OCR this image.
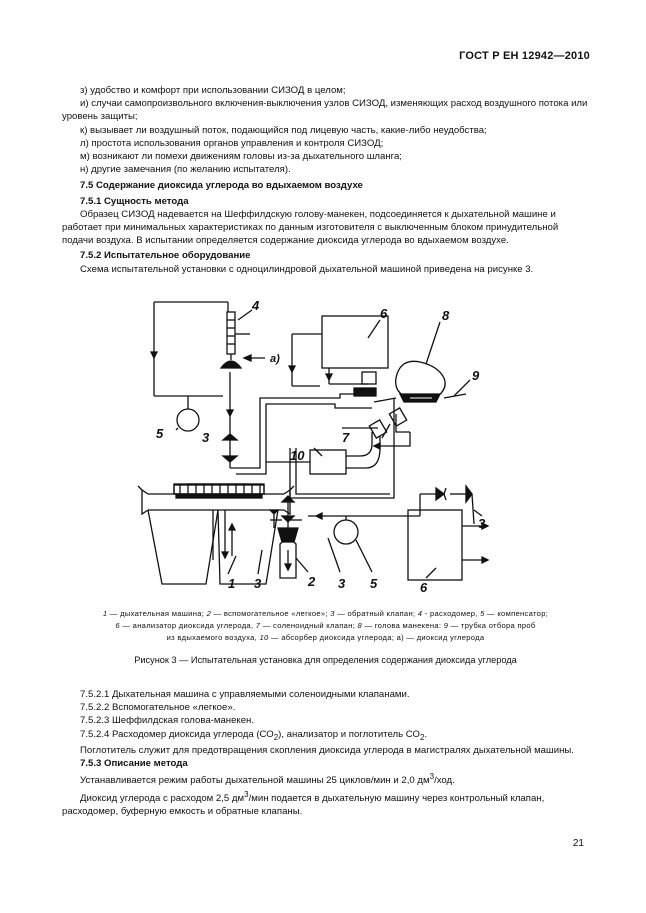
ГОСТ Р ЕН 12942—2010

з) удобство и комфорт при использовании СИЗОД в целом;

и) случаи самопроизвольного включения-выключения узлов СИЗОД, изменяющих расход воздушного потока или уровень защиты;

к) вызывает ли воздушный поток, подающийся под лицевую часть, какие-либо неудобства;

л) простота использования органов управления и контроля СИЗОД;

м) возникают ли помехи движениям головы из-за дыхательного шланга;

н) другие замечания (по желанию испытателя).

7.5 Содержание диоксида углерода во вдыхаемом воздухе

7.5.1 Сущность метода

Образец СИЗОД надевается на Шеффилдскую голову-манекен, подсоединяется к дыхательной машине и работает при минимальных характеристиках по данным изготовителя с выключенным блоком принудительной подачи воздуха. В испытании определяется содержание диоксида углерода во вдыхаемом воздухе.

7.5.2 Испытательное оборудование

Схема испытательной установки с одноцилиндровой дыхательной машиной приведена на рисунке 3.

4
а)
6	8
9
5	3	7
10
3
1 3	2 3 5	6
1 — дыхательная машина; 2 — вспомогательное «легкое»; 3 — обратный клапан; 4 - расходомер, 5 — компенсатор;
6 — анализатор диоксида углерода, 7 — соленоидный клапан; 8 — голова манекена: 9 — трубка отбора проб
из вдыхаемого воздуха, 10 — абсорбер диоксида углерода; а) — диоксид углерода
Рисунок 3 — Испытательная установка для определения содержания диоксида углерода

7.5.2.1 Дыхательная машина с управляемыми соленоидными клапанами.

7.5.2.2 Вспомогательное «легкое».

7.5.2.3 Шеффилдская голова-манекен.

7.5.2.4 Расходомер диоксида углерода $(СО_2)$, анализатор и поглотитель $СО_2$.

Поглотитель служит для предотвращения скопления диоксида углерода в магистралях дыхательной машины.

7.5.3 Описание метода

Устанавливается режим работы дыхательной машины 25 циклов/мин и 2,0 $дм^3$/ход.

Диоксид углерода с расходом 2,5 $дм^3$/мин подается в дыхательную машину через контрольный клапан, расходомер, буферную емкость и обратные клапаны.

21
